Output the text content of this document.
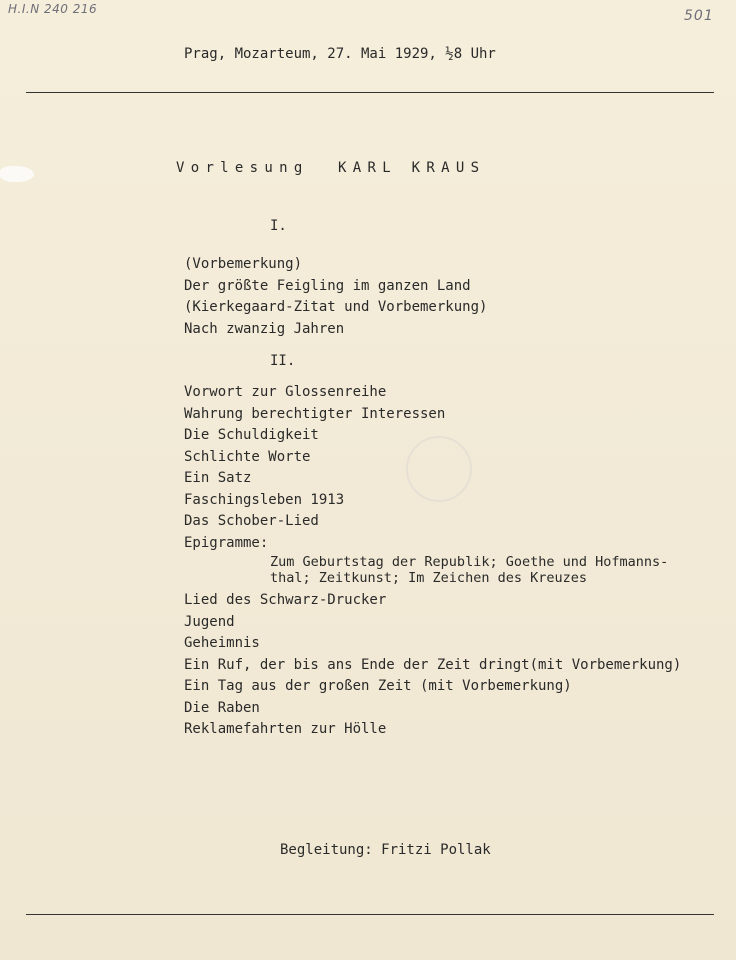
H.I.N 240 216	501
Prag, Mozarteum, 27. Mai 1929, ½8 Uhr
Vorlesung KARL KRAUS
I.
(Vorbemerkung)
Der größte Feigling im ganzen Land
(Kierkegaard-Zitat und Vorbemerkung)
Nach zwanzig Jahren
II.
Vorwort zur Glossenreihe
Wahrung berechtigter Interessen
Die Schuldigkeit
Schlichte Worte
Ein Satz
Faschingsleben 1913
Das Schober-Lied
Epigramme:
Zum Geburtstag der Republik; Goethe und Hofmanns-
thal; Zeitkunst; Im Zeichen des Kreuzes
Lied des Schwarz-Drucker
Jugend
Geheimnis
Ein Ruf, der bis ans Ende der Zeit dringt(mit Vorbemerkung)
Ein Tag aus der großen Zeit (mit Vorbemerkung)
Die Raben
Reklamefahrten zur Hölle
Begleitung: Fritzi Pollak
